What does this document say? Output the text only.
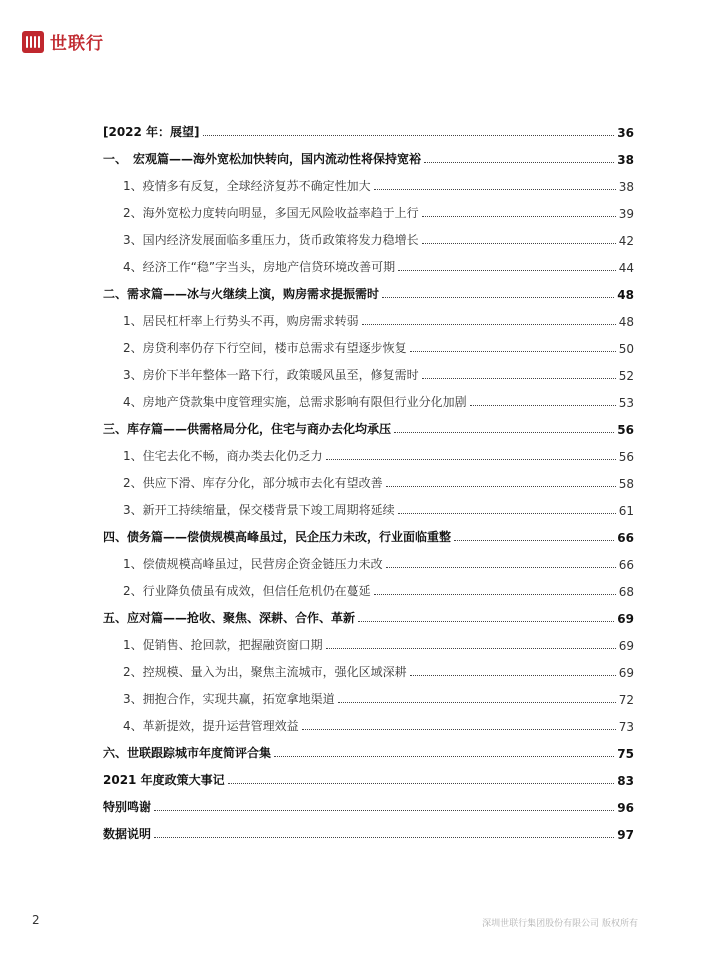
世联行
[2022 年：展望]	36
一、　宏观篇——海外宽松加快转向，国内流动性将保持宽裕	38
1、疫情多有反复，全球经济复苏不确定性加大	38
2、海外宽松力度转向明显，多国无风险收益率趋于上行	39
3、国内经济发展面临多重压力，货币政策将发力稳增长	42
4、经济工作“稳”字当头，房地产信贷环境改善可期	44
二、需求篇——冰与火继续上演，购房需求提振需时	48
1、居民杠杆率上行势头不再，购房需求转弱	48
2、房贷利率仍存下行空间，楼市总需求有望逐步恢复	50
3、房价下半年整体一路下行，政策暖风虽至，修复需时	52
4、房地产贷款集中度管理实施，总需求影响有限但行业分化加剧	53
三、库存篇——供需格局分化，住宅与商办去化均承压	56
1、住宅去化不畅，商办类去化仍乏力	56
2、供应下滑、库存分化，部分城市去化有望改善	58
3、新开工持续缩量，保交楼背景下竣工周期将延续	61
四、债务篇——偿债规模高峰虽过，民企压力未改，行业面临重整	66
1、偿债规模高峰虽过，民营房企资金链压力未改	66
2、行业降负债虽有成效，但信任危机仍在蔓延	68
五、应对篇——抢收、聚焦、深耕、合作、革新	69
1、促销售、抢回款，把握融资窗口期	69
2、控规模、量入为出，聚焦主流城市，强化区域深耕	69
3、拥抱合作，实现共赢，拓宽拿地渠道	72
4、革新提效，提升运营管理效益	73
六、世联跟踪城市年度简评合集	75
2021 年度政策大事记	83
特别鸣谢	96
数据说明	97
2	深圳世联行集团股份有限公司 版权所有
